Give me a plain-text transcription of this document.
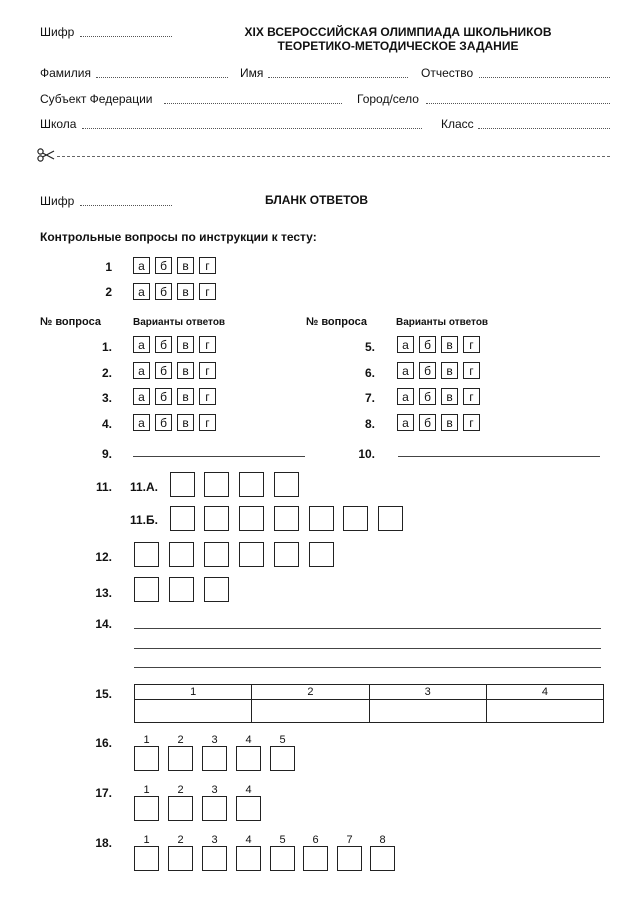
Шифр	XIX ВСЕРОССИЙСКАЯ ОЛИМПИАДА ШКОЛЬНИКОВ
ТЕОРЕТИКО-МЕТОДИЧЕСКОЕ ЗАДАНИЕ
Фамилия	Имя	Отчество
Субъект Федерации	Город/село
Школа	Класс
Шифр	БЛАНК ОТВЕТОВ
Контрольные вопросы по инструкции к тесту:
1	а	б	в	г
2	а	б	в	г
№ вопроса	Варианты ответов	№ вопроса	Варианты ответов
1.	а	б	в	г
2.	а	б	в	г
3.	а	б	в	г
4.	а	б	в	г
5.	а	б	в	г
6.	а	б	в	г
7.	а	б	в	г
8.	а	б	в	г
9.	10.
11. 11.А.
11.Б.
12.
13.
14.
15.	1	2	3	4

16.	1	2	3	4	5
17.	1	2	3	4
18.	1	2	3	4	5	6	7	8
